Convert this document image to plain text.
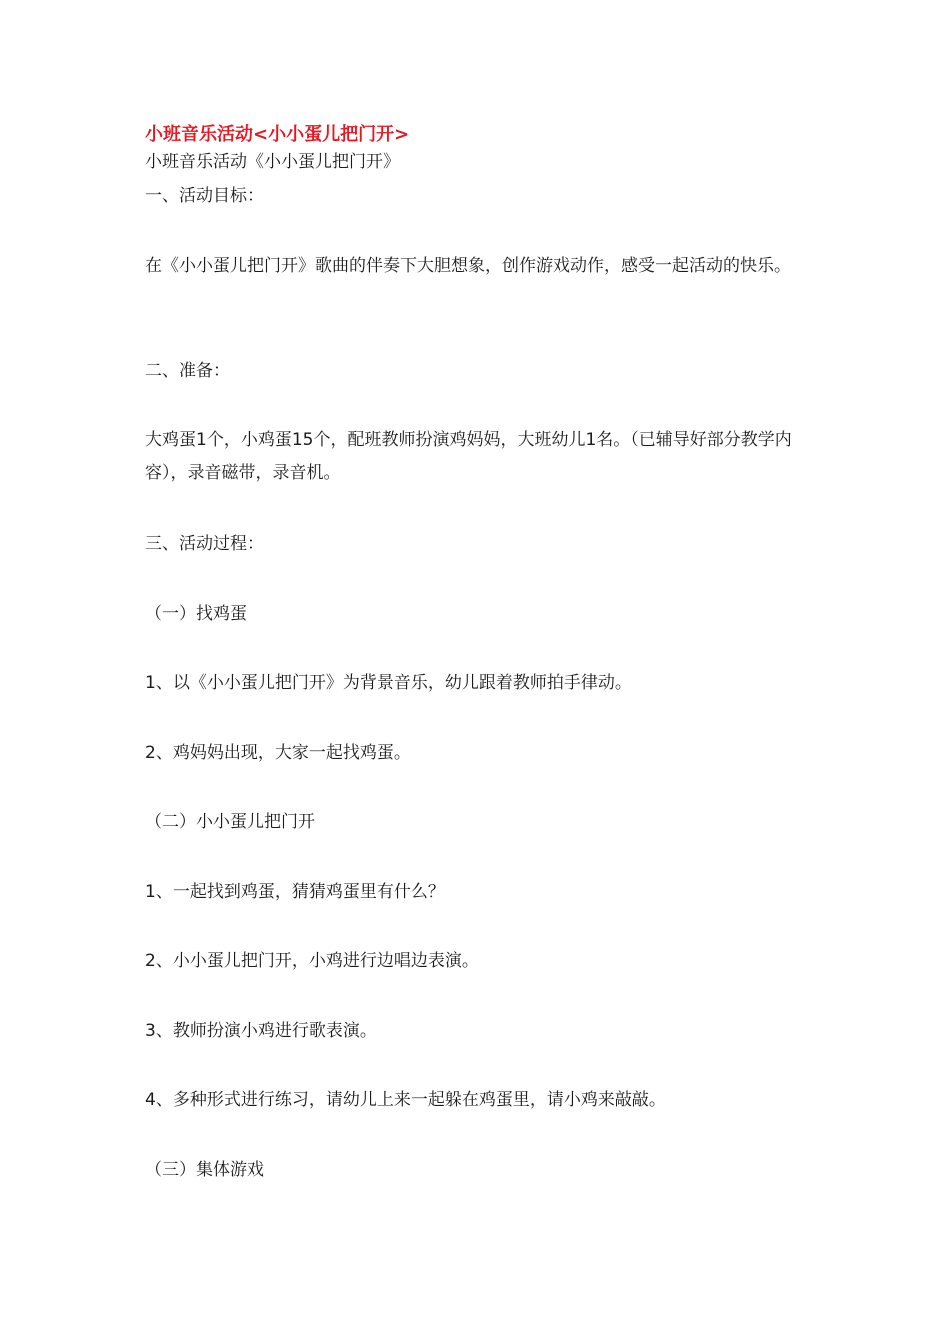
小班音乐活动<小小蛋儿把门开>
小班音乐活动《小小蛋儿把门开》
一、活动目标：
在《小小蛋儿把门开》歌曲的伴奏下大胆想象，创作游戏动作，感受一起活动的快乐。
二、准备：
大鸡蛋1个，小鸡蛋15个，配班教师扮演鸡妈妈，大班幼儿1名。（已辅导好部分教学内容），录音磁带，录音机。
三、活动过程：
（一）找鸡蛋
1、以《小小蛋儿把门开》为背景音乐，幼儿跟着教师拍手律动。
2、鸡妈妈出现，大家一起找鸡蛋。
（二）小小蛋儿把门开
1、一起找到鸡蛋，猜猜鸡蛋里有什么？
2、小小蛋儿把门开，小鸡进行边唱边表演。
3、教师扮演小鸡进行歌表演。
4、多种形式进行练习，请幼儿上来一起躲在鸡蛋里，请小鸡来敲敲。
（三）集体游戏
